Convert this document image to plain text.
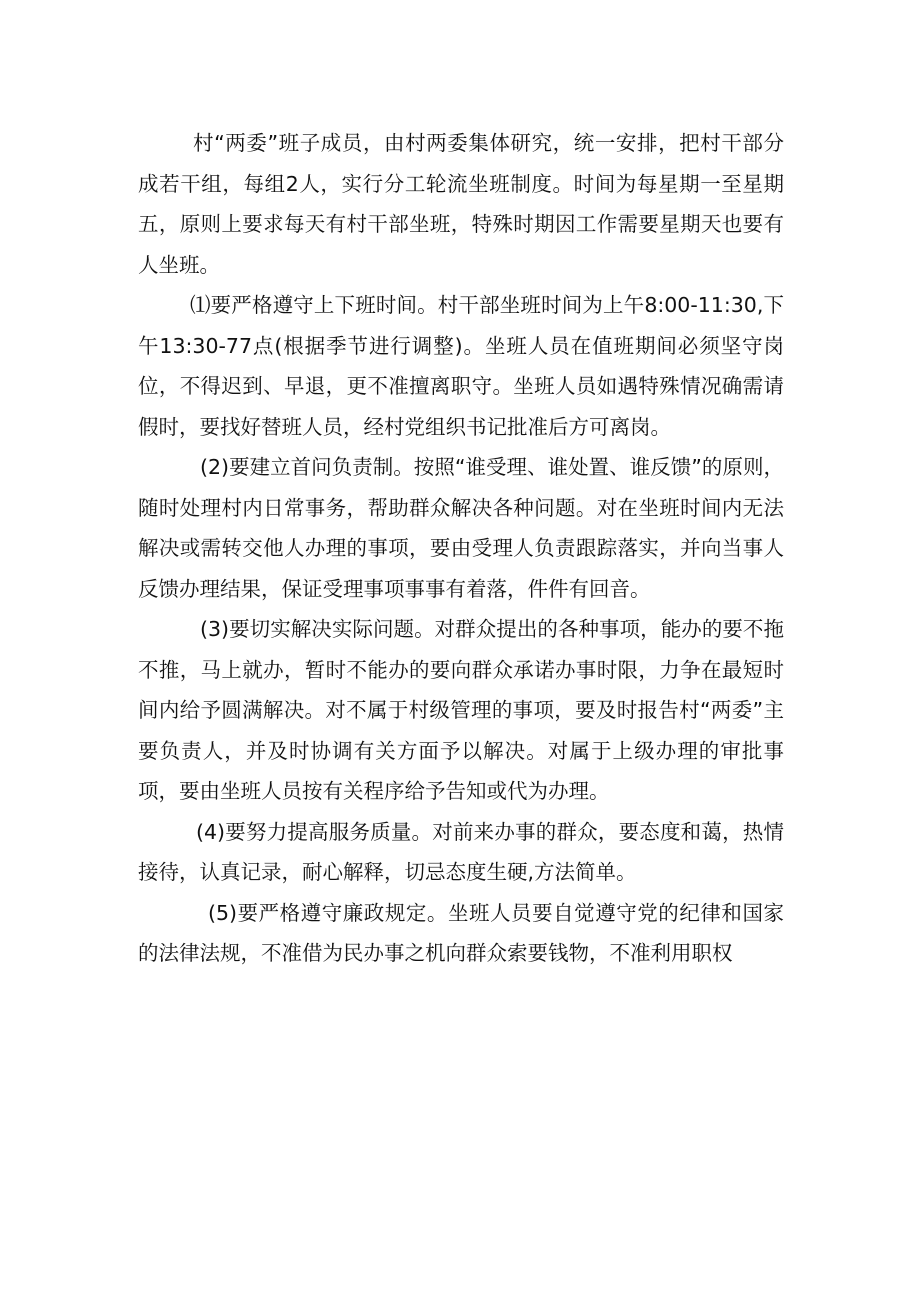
村“两委”班子成员，由村两委集体研究，统一安排，把村干部分成若干组，每组2人，实行分工轮流坐班制度。时间为每星期一至星期五，原则上要求每天有村干部坐班，特殊时期因工作需要星期天也要有人坐班。

⑴要严格遵守上下班时间。村干部坐班时间为上午8:00-11:30,下午13:30-77点(根据季节进行调整)。坐班人员在值班期间必须坚守岗位，不得迟到、早退，更不准擅离职守。坐班人员如遇特殊情况确需请假时，要找好替班人员，经村党组织书记批准后方可离岗。

(2)要建立首问负责制。按照“谁受理、谁处置、谁反馈”的原则，随时处理村内日常事务，帮助群众解决各种问题。对在坐班时间内无法解决或需转交他人办理的事项，要由受理人负责跟踪落实，并向当事人反馈办理结果，保证受理事项事事有着落，件件有回音。

(3)要切实解决实际问题。对群众提出的各种事项，能办的要不拖不推，马上就办，暂时不能办的要向群众承诺办事时限，力争在最短时间内给予圆满解决。对不属于村级管理的事项，要及时报告村“两委”主要负责人，并及时协调有关方面予以解决。对属于上级办理的审批事项，要由坐班人员按有关程序给予告知或代为办理。

(4)要努力提高服务质量。对前来办事的群众，要态度和蔼，热情接待，认真记录，耐心解释，切忌态度生硬,方法简单。

(5)要严格遵守廉政规定。坐班人员要自觉遵守党的纪律和国家的法律法规，不准借为民办事之机向群众索要钱物，不准利用职权
